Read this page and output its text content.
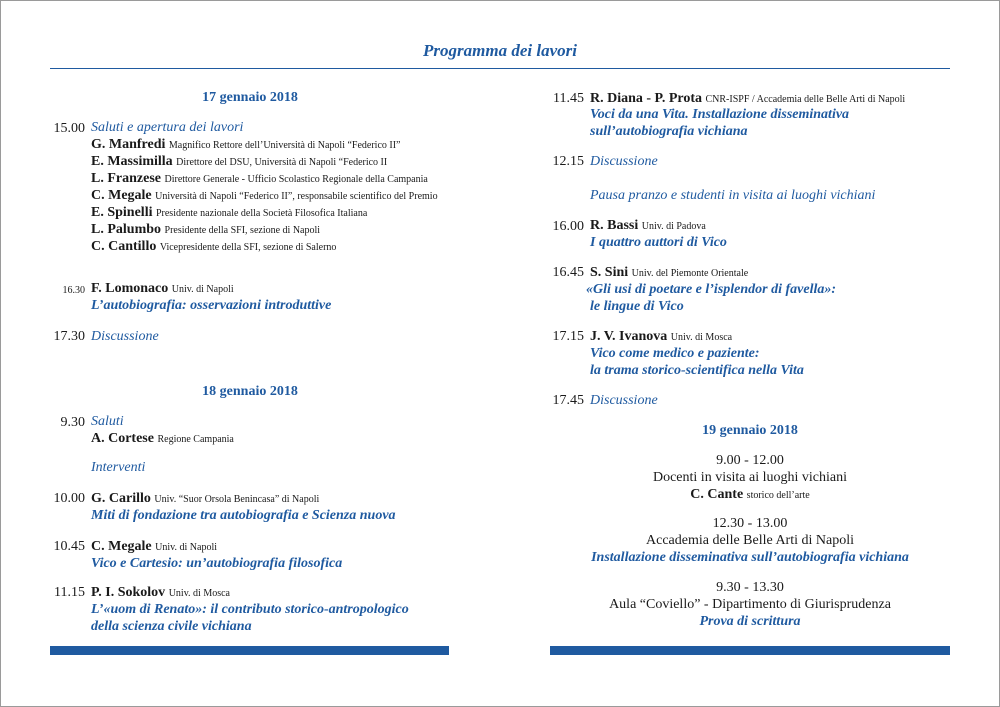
Programma dei lavori
17 gennaio 2018
15.00 Saluti e apertura dei lavori
G. Manfredi Magnifico Rettore dell’Università di Napoli “Federico II”
E. Massimilla Direttore del DSU, Università di Napoli “Federico II
L. Franzese Direttore Generale - Ufficio Scolastico Regionale della Campania
C. Megale Università di Napoli “Federico II”, responsabile scientifico del Premio
E. Spinelli Presidente nazionale della Società Filosofica Italiana
L. Palumbo Presidente della SFI, sezione di Napoli
C. Cantillo Vicepresidente della SFI, sezione di Salerno
16.30 F. Lomonaco Univ. di Napoli
L’autobiografia: osservazioni introduttive
17.30 Discussione
18 gennaio 2018
9.30 Saluti
A. Cortese Regione Campania
Interventi
10.00 G. Carillo Univ. “Suor Orsola Benincasa” di Napoli
Miti di fondazione tra autobiografia e Scienza nuova
10.45 C. Megale Univ. di Napoli
Vico e Cartesio: un’autobiografia filosofica
11.15 P. I. Sokolov Univ. di Mosca
L’«uom di Renato»: il contributo storico-antropologico
della scienza civile vichiana
11.45 R. Diana - P. Prota CNR-ISPF / Accademia delle Belle Arti di Napoli
Voci da una Vita. Installazione disseminativa
sull’autobiografia vichiana
12.15 Discussione
Pausa pranzo e studenti in visita ai luoghi vichiani
16.00 R. Bassi Univ. di Padova
I quattro auttori di Vico
16.45 S. Sini Univ. del Piemonte Orientale
«Gli usi di poetare e l’isplendor di favella»:
le lingue di Vico
17.15 J. V. Ivanova Univ. di Mosca
Vico come medico e paziente:
la trama storico-scientifica nella Vita
17.45 Discussione
19 gennaio 2018
9.00 - 12.00
Docenti in visita ai luoghi vichiani
C. Cante storico dell’arte
12.30 - 13.00
Accademia delle Belle Arti di Napoli
Installazione disseminativa sull’autobiografia vichiana
9.30 - 13.30
Aula “Coviello” - Dipartimento di Giurisprudenza
Prova di scrittura
